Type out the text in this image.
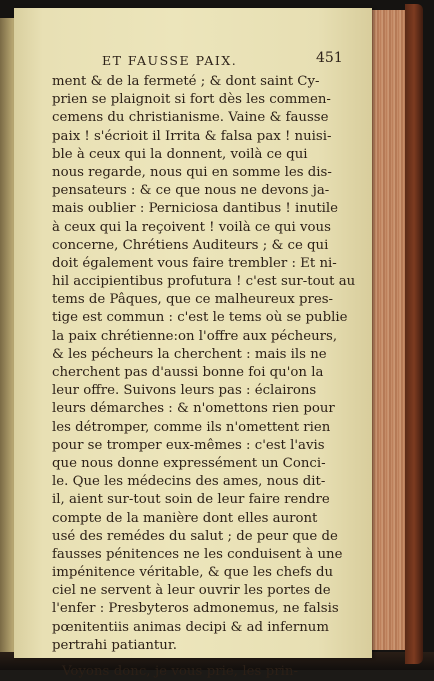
ET FAUSSE PAIX.	451
ment & de la fermeté ; & dont saint Cy-
prien se plaignoit si fort dès les commen-
cemens du christianisme. Vaine & fausse
paix ! s'écrioit il Irrita & falsa pax ! nuisi-
ble à ceux qui la donnent, voilà ce qui
nous regarde, nous qui en somme les dis-
pensateurs : & ce que nous ne devons ja-
mais oublier : Perniciosa dantibus ! inutile
à ceux qui la reçoivent ! voilà ce qui vous
concerne, Chrétiens Auditeurs ; & ce qui
doit également vous faire trembler : Et ni-
hil accipientibus profutura ! c'est sur-tout au
tems de Pâques, que ce malheureux pres-
tige est commun : c'est le tems où se publie
la paix chrétienne:on l'offre aux pécheurs,
& les pécheurs la cherchent : mais ils ne
cherchent pas d'aussi bonne foi qu'on la
leur offre. Suivons leurs pas : éclairons
leurs démarches : & n'omettons rien pour
les détromper, comme ils n'omettent rien
pour se tromper eux-mêmes : c'est l'avis
que nous donne expressément un Conci-
le. Que les médecins des ames, nous dit-
il, aient sur-tout soin de leur faire rendre
compte de la manière dont elles auront
usé des remédes du salut ; de peur que de
fausses pénitences ne les conduisent à une
impénitence véritable, & que les chefs du
ciel ne servent à leur ouvrir les portes de
l'enfer : Presbyteros admonemus, ne falsis
pœnitentiis animas decipi & ad infernum
pertrahi patiantur.
Voyons donc, je vous prie, les prin-
